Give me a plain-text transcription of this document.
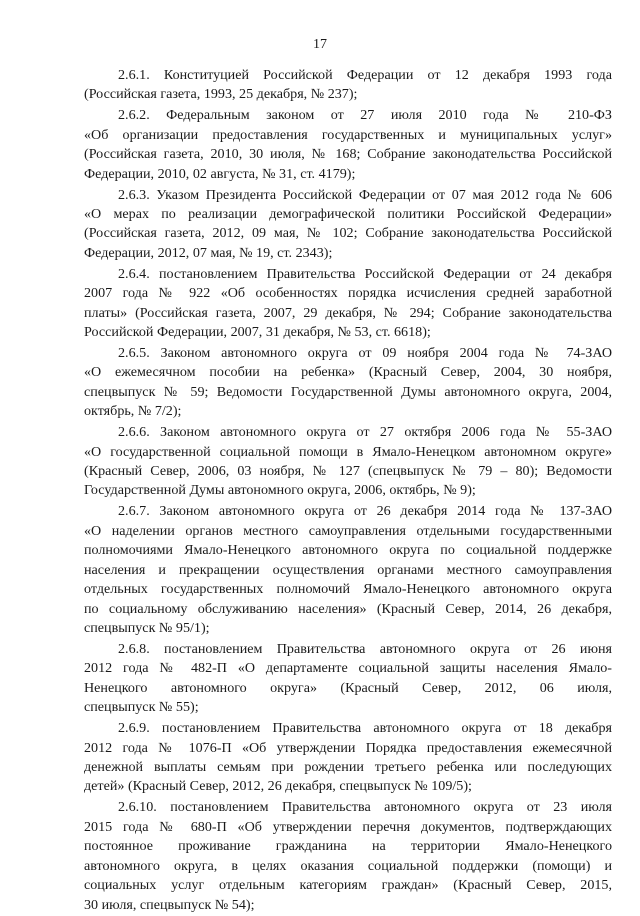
17

2.6.1. Конституцией Российской Федерации от 12 декабря 1993 года
(Российская газета, 1993, 25 декабря, № 237);

2.6.2. Федеральным законом от 27 июля 2010 года № 210-ФЗ
«Об организации предоставления государственных и муниципальных услуг»
(Российская газета, 2010, 30 июля, № 168; Собрание законодательства Российской
Федерации, 2010, 02 августа, № 31, ст. 4179);

2.6.3. Указом Президента Российской Федерации от 07 мая 2012 года № 606
«О мерах по реализации демографической политики Российской Федерации»
(Российская газета, 2012, 09 мая, № 102; Собрание законодательства Российской
Федерации, 2012, 07 мая, № 19, ст. 2343);

2.6.4. постановлением Правительства Российской Федерации от 24 декабря
2007 года № 922 «Об особенностях порядка исчисления средней заработной
платы» (Российская газета, 2007, 29 декабря, № 294; Собрание законодательства
Российской Федерации, 2007, 31 декабря, № 53, ст. 6618);

2.6.5. Законом автономного округа от 09 ноября 2004 года № 74-ЗАО
«О ежемесячном пособии на ребенка» (Красный Север, 2004, 30 ноября,
спецвыпуск № 59; Ведомости Государственной Думы автономного округа, 2004,
октябрь, № 7/2);

2.6.6. Законом автономного округа от 27 октября 2006 года № 55-ЗАО
«О государственной социальной помощи в Ямало-Ненецком автономном округе»
(Красный Север, 2006, 03 ноября, № 127 (спецвыпуск № 79 – 80); Ведомости
Государственной Думы автономного округа, 2006, октябрь, № 9);

2.6.7. Законом автономного округа от 26 декабря 2014 года № 137-ЗАО
«О наделении органов местного самоуправления отдельными государственными
полномочиями Ямало-Ненецкого автономного округа по социальной поддержке
населения и прекращении осуществления органами местного самоуправления
отдельных государственных полномочий Ямало-Ненецкого автономного округа
по социальному обслуживанию населения» (Красный Север, 2014, 26 декабря,
спецвыпуск № 95/1);

2.6.8. постановлением Правительства автономного округа от 26 июня
2012 года № 482-П «О департаменте социальной защиты населения Ямало-
Ненецкого автономного округа» (Красный Север, 2012, 06 июля,
спецвыпуск № 55);

2.6.9. постановлением Правительства автономного округа от 18 декабря
2012 года № 1076-П «Об утверждении Порядка предоставления ежемесячной
денежной выплаты семьям при рождении третьего ребенка или последующих
детей» (Красный Север, 2012, 26 декабря, спецвыпуск № 109/5);

2.6.10. постановлением Правительства автономного округа от 23 июля
2015 года № 680-П «Об утверждении перечня документов, подтверждающих
постоянное проживание гражданина на территории Ямало-Ненецкого
автономного округа, в целях оказания социальной поддержки (помощи) и
социальных услуг отдельным категориям граждан» (Красный Север, 2015,
30 июля, спецвыпуск № 54);
